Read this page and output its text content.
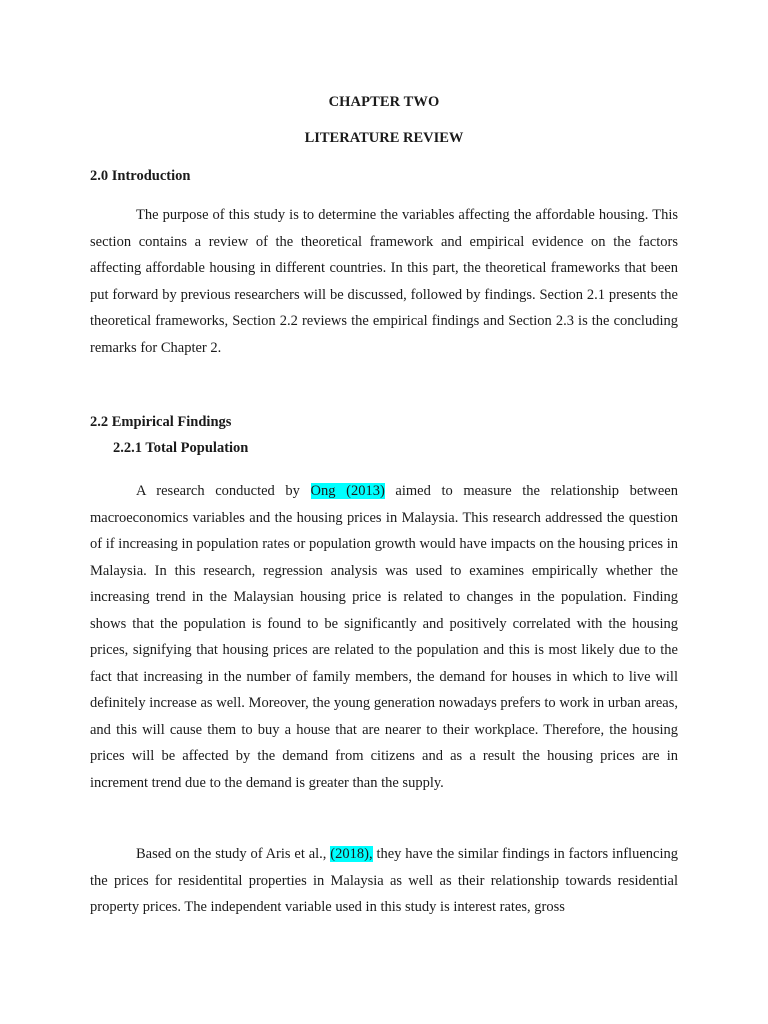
CHAPTER TWO
LITERATURE REVIEW
2.0 Introduction

The purpose of this study is to determine the variables affecting the affordable housing. This section contains a review of the theoretical framework and empirical evidence on the factors affecting affordable housing in different countries. In this part, the theoretical frameworks that been put forward by previous researchers will be discussed, followed by findings. Section 2.1 presents the theoretical frameworks, Section 2.2 reviews the empirical findings and Section 2.3 is the concluding remarks for Chapter 2.

2.2 Empirical Findings
2.2.1 Total Population

A research conducted by Ong (2013) aimed to measure the relationship between macroeconomics variables and the housing prices in Malaysia. This research addressed the question of if increasing in population rates or population growth would have impacts on the housing prices in Malaysia. In this research, regression analysis was used to examines empirically whether the increasing trend in the Malaysian housing price is related to changes in the population. Finding shows that the population is found to be significantly and positively correlated with the housing prices, signifying that housing prices are related to the population and this is most likely due to the fact that increasing in the number of family members, the demand for houses in which to live will definitely increase as well. Moreover, the young generation nowadays prefers to work in urban areas, and this will cause them to buy a house that are nearer to their workplace. Therefore, the housing prices will be affected by the demand from citizens and as a result the housing prices are in increment trend due to the demand is greater than the supply.

Based on the study of Aris et al., (2018), they have the similar findings in factors influencing the prices for residentital properties in Malaysia as well as their relationship towards residential property prices. The independent variable used in this study is interest rates, gross
